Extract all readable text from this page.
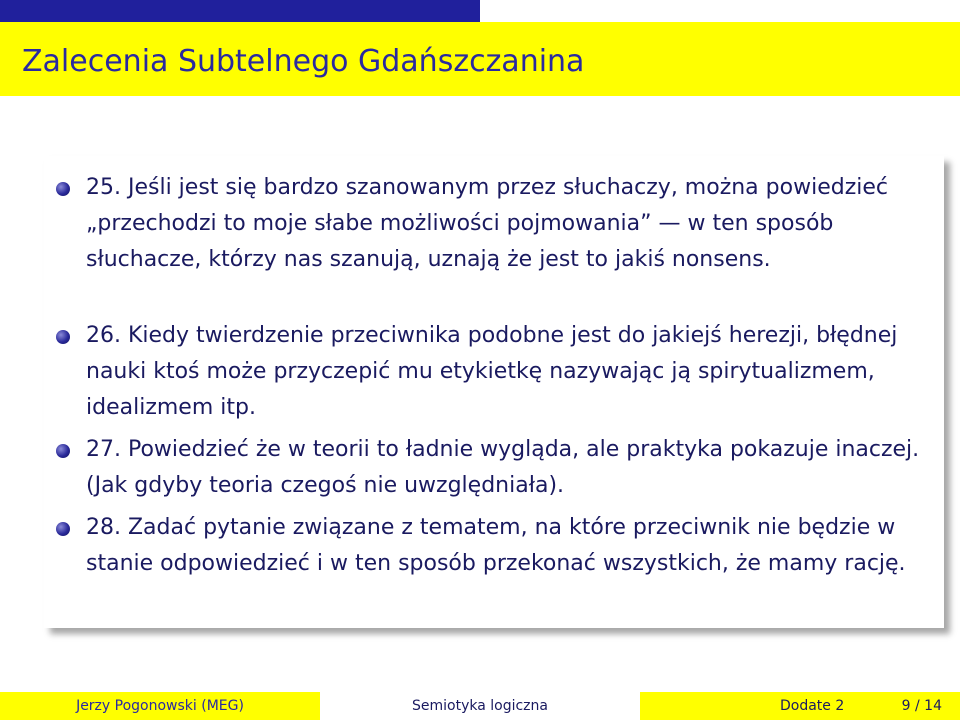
Zalecenia Subtelnego Gdańszczanina
25. Jeśli jest się bardzo szanowanym przez słuchaczy, można powiedzieć „przechodzi to moje słabe możliwości pojmowania” — w ten sposób słuchacze, którzy nas szanują, uznają że jest to jakiś nonsens.
26. Kiedy twierdzenie przeciwnika podobne jest do jakiejś herezji, błędnej nauki ktoś może przyczepić mu etykietkę nazywając ją spirytualizmem, idealizmem itp.
27. Powiedzieć że w teorii to ładnie wygląda, ale praktyka pokazuje inaczej. (Jak gdyby teoria czegoś nie uwzględniała).
28. Zadać pytanie związane z tematem, na które przeciwnik nie będzie w stanie odpowiedzieć i w ten sposób przekonać wszystkich, że mamy rację.
Jerzy Pogonowski (MEG)	Semiotyka logiczna	Dodate 2	9 / 14
